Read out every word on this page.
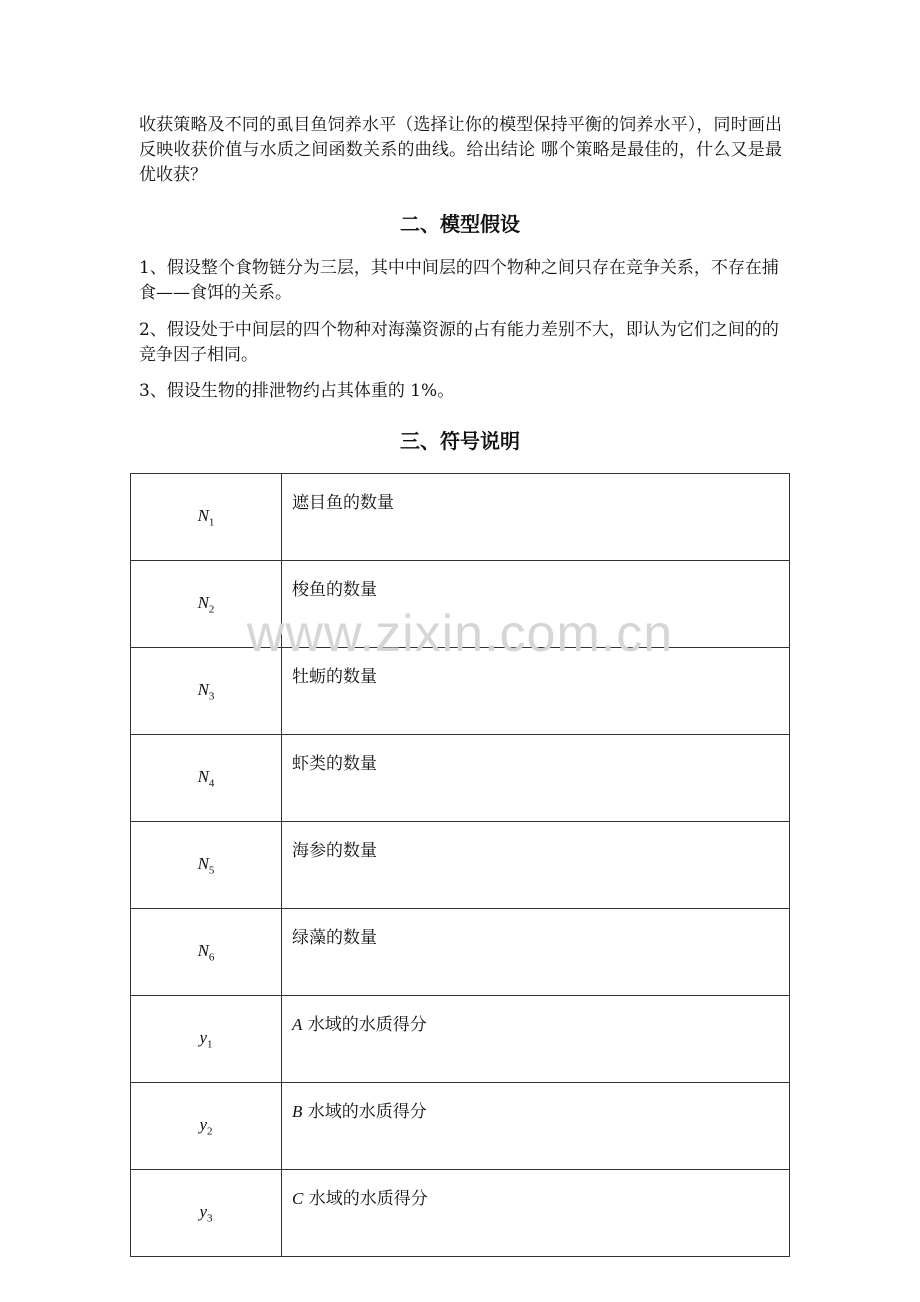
收获策略及不同的虱目鱼饲养水平（选择让你的模型保持平衡的饲养水平），同时画出反映收获价值与水质之间函数关系的曲线。给出结论 哪个策略是最佳的，什么又是最优收获？

二、模型假设

1、假设整个食物链分为三层，其中中间层的四个物种之间只存在竞争关系，不存在捕食——食饵的关系。

2、假设处于中间层的四个物种对海藻资源的占有能力差别不大，即认为它们之间的的竞争因子相同。

3、假设生物的排泄物约占其体重的 1%。

三、符号说明
$N_1$	遮目鱼的数量
$N_2$	梭鱼的数量
$N_3$	牡蛎的数量
$N_4$	虾类的数量
$N_5$	海参的数量
$N_6$	绿藻的数量
$y_1$	A 水域的水质得分
$y_2$	B 水域的水质得分
$y_3$	C 水域的水质得分
www.zixin.com.cn
